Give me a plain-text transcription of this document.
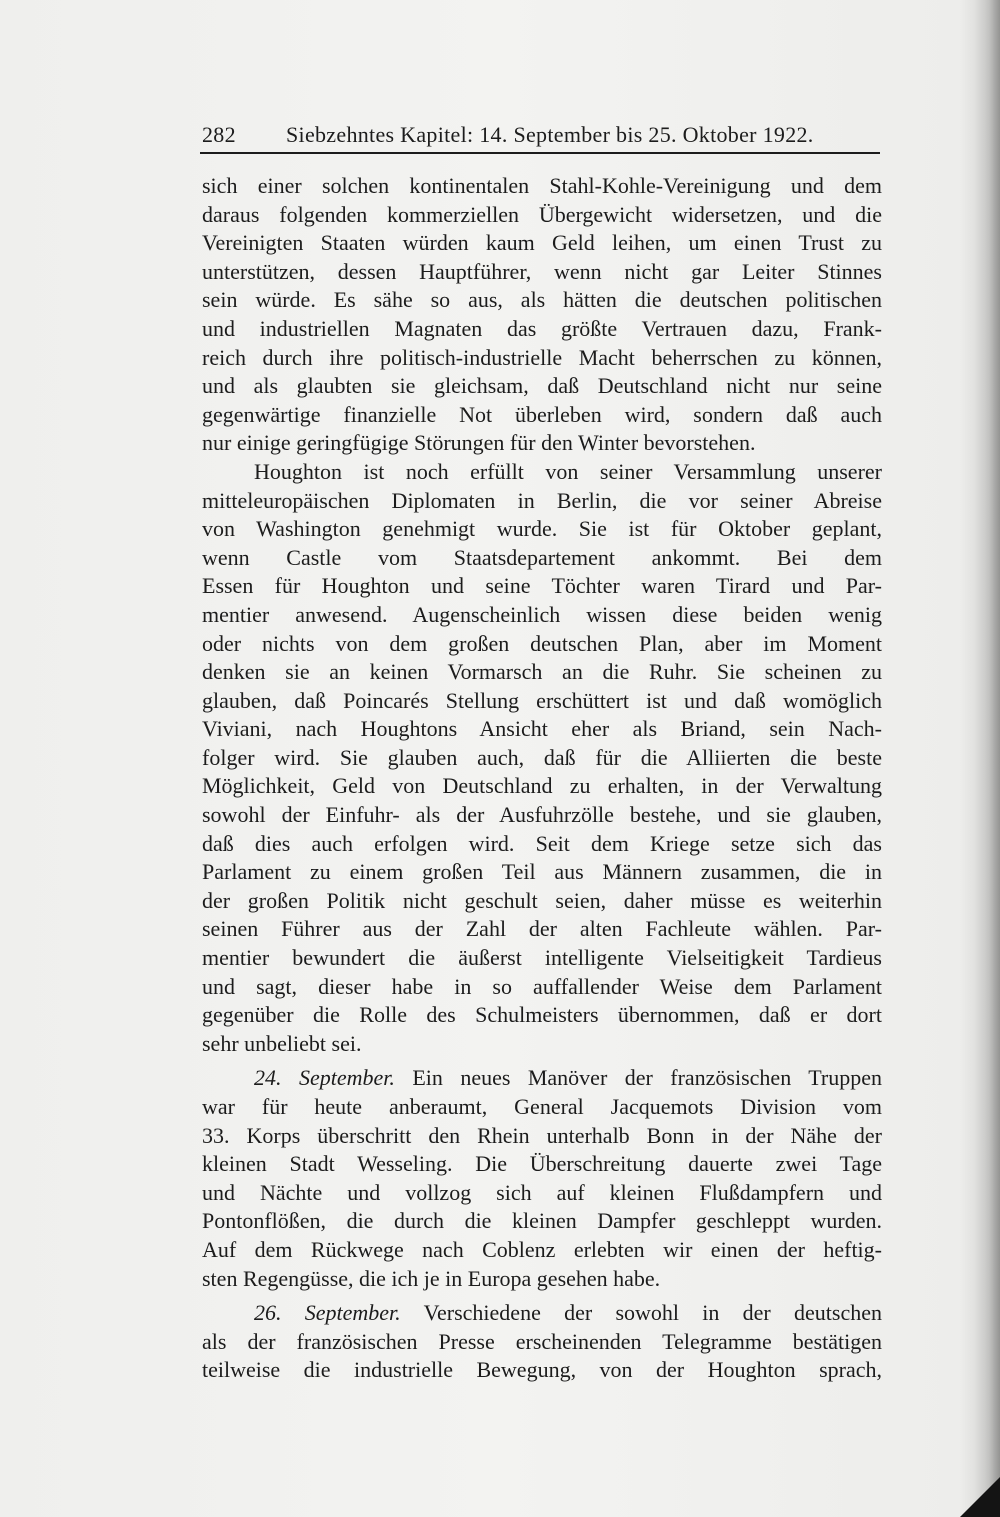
282 Siebzehntes Kapitel: 14. September bis 25. Oktober 1922.
sich einer solchen kontinentalen Stahl-Kohle-Vereinigung und dem
daraus folgenden kommerziellen Übergewicht widersetzen, und die
Vereinigten Staaten würden kaum Geld leihen, um einen Trust zu
unterstützen, dessen Hauptführer, wenn nicht gar Leiter Stinnes
sein würde. Es sähe so aus, als hätten die deutschen politischen
und industriellen Magnaten das größte Vertrauen dazu, Frank-
reich durch ihre politisch-industrielle Macht beherrschen zu können,
und als glaubten sie gleichsam, daß Deutschland nicht nur seine
gegenwärtige finanzielle Not überleben wird, sondern daß auch
nur einige geringfügige Störungen für den Winter bevorstehen.
Houghton ist noch erfüllt von seiner Versammlung unserer
mitteleuropäischen Diplomaten in Berlin, die vor seiner Abreise
von Washington genehmigt wurde. Sie ist für Oktober geplant,
wenn Castle vom Staatsdepartement ankommt. Bei dem
Essen für Houghton und seine Töchter waren Tirard und Par-
mentier anwesend. Augenscheinlich wissen diese beiden wenig
oder nichts von dem großen deutschen Plan, aber im Moment
denken sie an keinen Vormarsch an die Ruhr. Sie scheinen zu
glauben, daß Poincarés Stellung erschüttert ist und daß womöglich
Viviani, nach Houghtons Ansicht eher als Briand, sein Nach-
folger wird. Sie glauben auch, daß für die Alliierten die beste
Möglichkeit, Geld von Deutschland zu erhalten, in der Verwaltung
sowohl der Einfuhr- als der Ausfuhrzölle bestehe, und sie glauben,
daß dies auch erfolgen wird. Seit dem Kriege setze sich das
Parlament zu einem großen Teil aus Männern zusammen, die in
der großen Politik nicht geschult seien, daher müsse es weiterhin
seinen Führer aus der Zahl der alten Fachleute wählen. Par-
mentier bewundert die äußerst intelligente Vielseitigkeit Tardieus
und sagt, dieser habe in so auffallender Weise dem Parlament
gegenüber die Rolle des Schulmeisters übernommen, daß er dort
sehr unbeliebt sei.
24. September. Ein neues Manöver der französischen Truppen
war für heute anberaumt, General Jacquemots Division vom
33. Korps überschritt den Rhein unterhalb Bonn in der Nähe der
kleinen Stadt Wesseling. Die Überschreitung dauerte zwei Tage
und Nächte und vollzog sich auf kleinen Flußdampfern und
Pontonflößen, die durch die kleinen Dampfer geschleppt wurden.
Auf dem Rückwege nach Coblenz erlebten wir einen der heftig-
sten Regengüsse, die ich je in Europa gesehen habe.
26. September. Verschiedene der sowohl in der deutschen
als der französischen Presse erscheinenden Telegramme bestätigen
teilweise die industrielle Bewegung, von der Houghton sprach,
